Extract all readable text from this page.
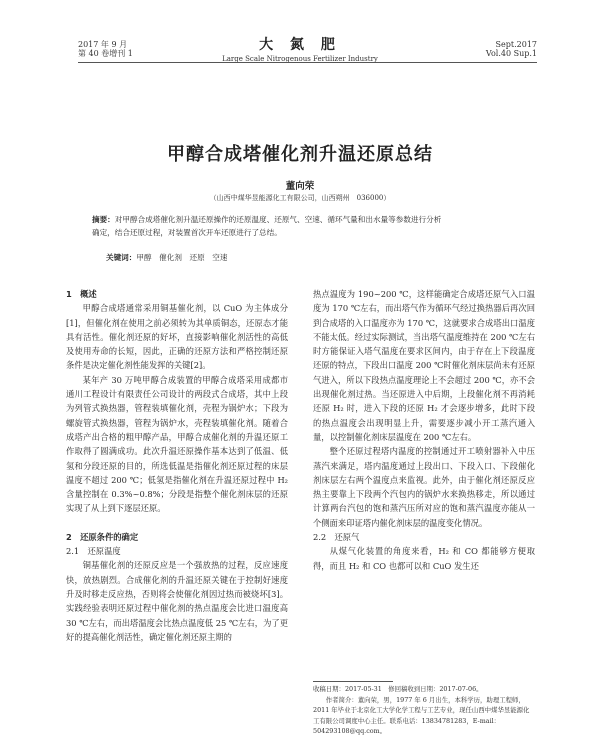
2017 年 9 月
第 40 卷增刊 1
大 氮 肥
Large Scale Nitrogenous Fertilizer Industry
Sept.2017
Vol.40 Sup.1
甲醇合成塔催化剂升温还原总结
董向荣
（山西中煤华昱能源化工有限公司，山西朔州　036000）
摘要：对甲醇合成塔催化剂升温还原操作的还原温度、还原气、空速、循环气量和出水量等参数进行分析
确定，结合还原过程，对装置首次开车还原进行了总结。
关键词：甲醇　催化剂　还原　空速
1　概述

甲醇合成塔通常采用铜基催化剂，以 CuO 为主体成分[1]，但催化剂在使用之前必须转为其单质铜态，还原态才能具有活性。催化剂还原的好坏，直接影响催化剂活性的高低及使用寿命的长短，因此，正确的还原方法和严格控制还原条件是决定催化剂性能发挥的关键[2]。

某年产 30 万吨甲醇合成装置的甲醇合成塔采用成都市通川工程设计有限责任公司设计的两段式合成塔，其中上段为列管式换热器，管程装填催化剂，壳程为锅炉水；下段为螺旋管式换热器，管程为锅炉水，壳程装填催化剂。随着合成塔产出合格的粗甲醇产品，甲醇合成催化剂的升温还原工作取得了圆满成功。此次升温还原操作基本达到了低温、低氢和分段还原的目的，所选低温是指催化剂还原过程的床层温度不超过 200 ℃；低氢是指催化剂在升温还原过程中 H₂ 含量控制在 0.3%~0.8%；分段是指整个催化剂床层的还原实现了从上到下逐层还原。

2　还原条件的确定
2.1　还原温度

铜基催化剂的还原反应是一个强放热的过程，反应速度快，放热剧烈。合成催化剂的升温还原关键在于控制好速度升及时移走反应热，否则将会使催化剂因过热而被烧坏[3]。实践经验表明还原过程中催化剂的热点温度会比进口温度高 30 ℃左右，而出塔温度会比热点温度低 25 ℃左右，为了更好的提高催化剂活性，确定催化剂还原主期的

热点温度为 190~200 ℃，这样能确定合成塔还原气入口温度为 170 ℃左右，而出塔气作为循环气经过换热器后再次回到合成塔的入口温度亦为 170 ℃，这就要求合成塔出口温度不能太低。经过实际测试，当出塔气温度维持在 200 ℃左右时方能保证入塔气温度在要求区间内，由于存在上下段温度还原的特点，下段出口温度 200 ℃时催化剂床层尚未有还原气进入，所以下段热点温度理论上不会超过 200 ℃，亦不会出现催化剂过热。当还原进入中后期，上段催化剂不再消耗还原 H₂ 时，进入下段的还原 H₂ 才会逐步增多，此时下段的热点温度会出现明显上升，需要逐步减小开工蒸汽通入量，以控制催化剂床层温度在 200 ℃左右。

整个还原过程塔内温度的控制通过开工喷射器补入中压蒸汽来满足，塔内温度通过上段出口、下段入口、下段催化剂床层左右两个温度点来监视。此外，由于催化剂还原反应热主要靠上下段两个汽包内的锅炉水来换热移走，所以通过计算两台汽包的饱和蒸汽压所对应的饱和蒸汽温度亦能从一个侧面来印证塔内催化剂床层的温度变化情况。

2.2　还原气

从煤气化装置的角度来看，H₂ 和 CO 都能够方便取得，而且 H₂ 和 CO 也都可以和 CuO 发生还

收稿日期：2017-05-31　修回稿收到日期：2017-07-06。

作者简介：董向荣，男，1977 年 6 月出生，本科学历，助理工程师，2011 年毕业于北京化工大学化学工程与工艺专业，现任山西中煤华昱能源化工有限公司调度中心主任。联系电话：13834781283，E-mail：504293108@qq.com。
